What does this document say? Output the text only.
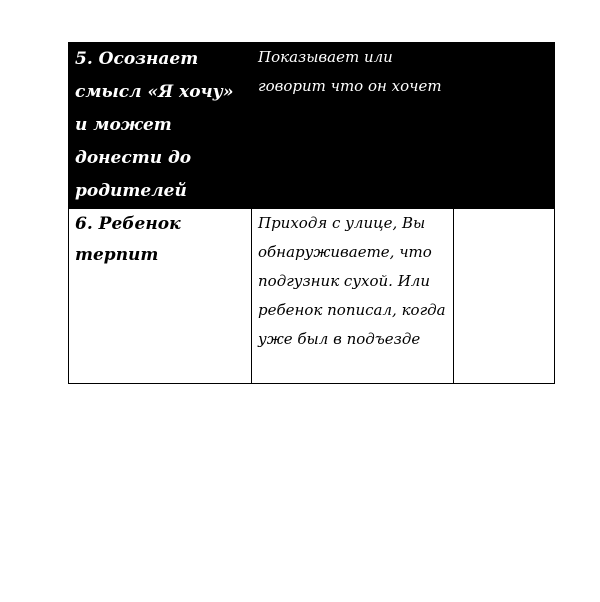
5. Осознает смысл «Я хочу» и может донести до родителей	Показывает или говорит что он хочет	

6. Ребенок терпит	Приходя с улице, Вы обнаруживаете, что подгузник сухой. Или ребенок пописал, когда уже был в подъезде	
